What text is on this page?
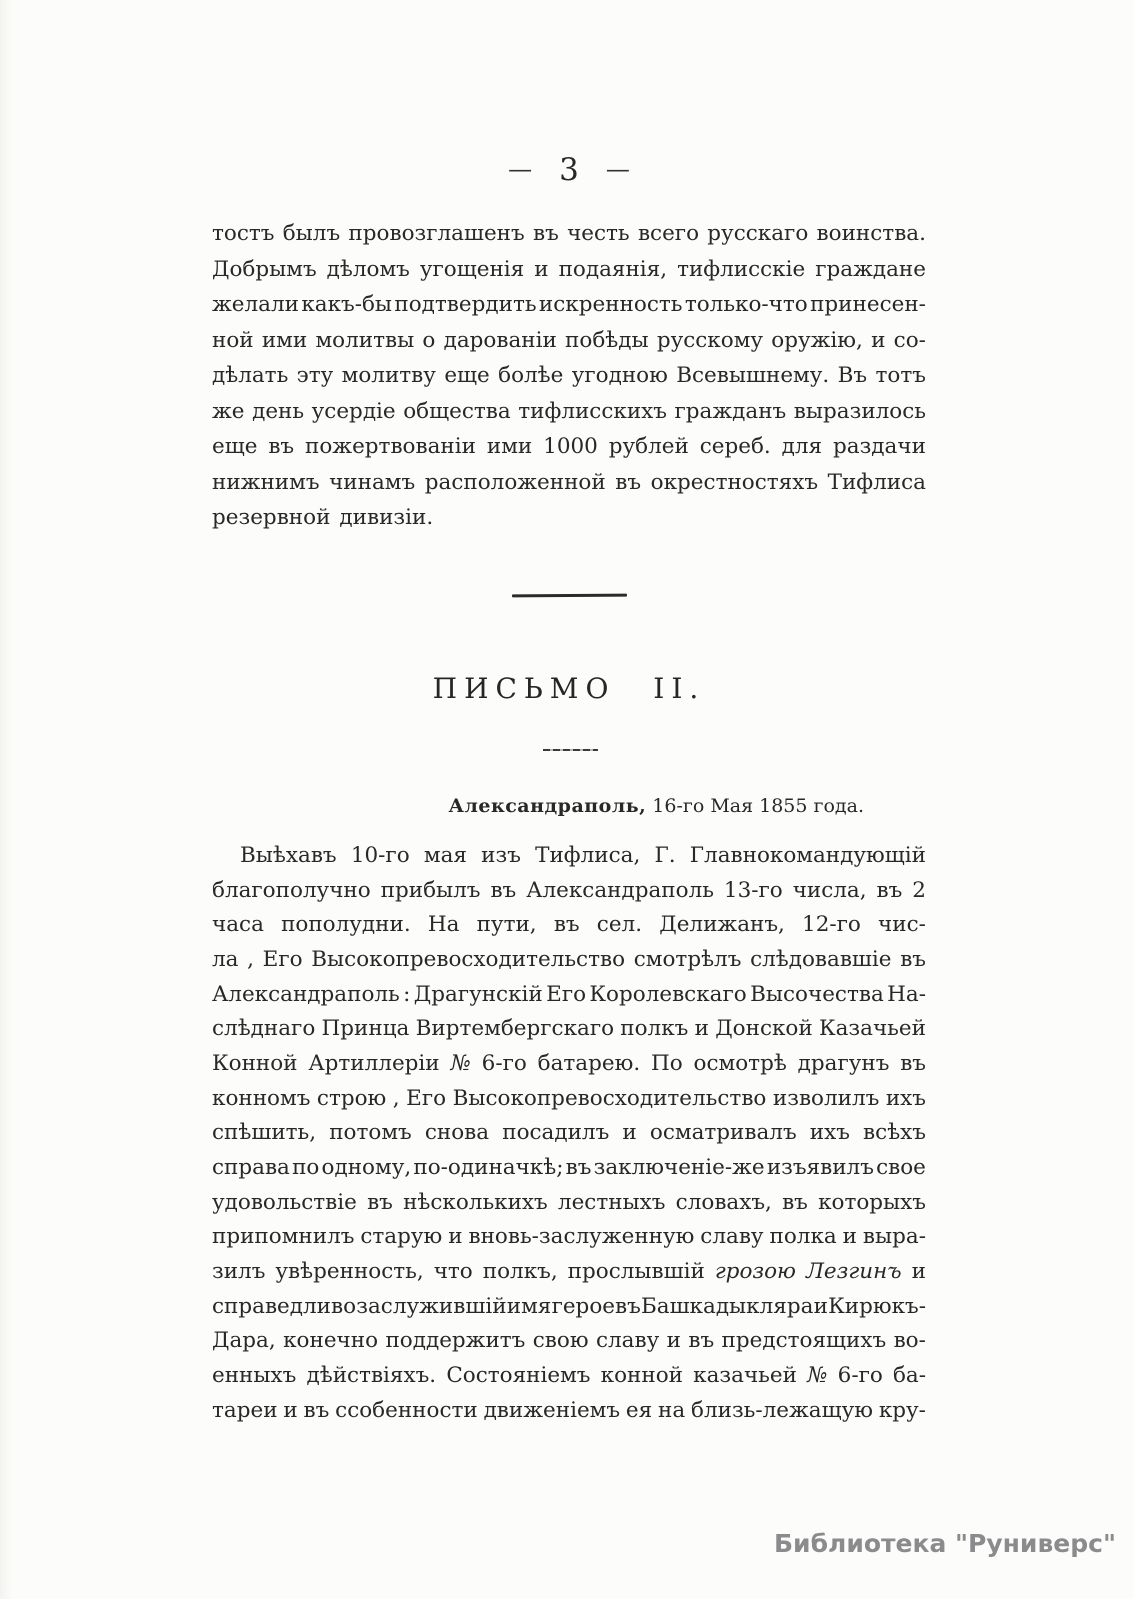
— 3 —
тостъ былъ провозглашенъ въ честь всего русскаго воинства.
Добрымъ дѣломъ угощенія и подаянія, тифлисскіе граждане
желали какъ-бы подтвердить искренность только-что принесен-
ной ими молитвы о дарованіи побѣды русскому оружію, и со-
дѣлать эту молитву еще болѣе угодною Всевышнему. Въ тотъ
же день усердіе общества тифлисскихъ гражданъ выразилось
еще въ пожертвованіи ими 1000 рублей сереб. для раздачи
нижнимъ чинамъ расположенной въ окрестностяхъ Тифлиса
резервной дивизіи.
ПИСЬМО II.
Александраполь, 16-го Мая 1855 года.
Выѣхавъ 10-го мая изъ Тифлиса, Г. Главнокомандующій
благополучно прибылъ въ Александраполь 13-го числа, въ 2
часа пополудни. На пути, въ сел. Делижанъ, 12-го чис-
ла , Его Высокопревосходительство смотрѣлъ слѣдовавшіе въ
Александраполь : Драгунскій Его Королевскаго Высочества На-
слѣднаго Принца Виртембергскаго полкъ и Донской Казачьей
Конной Артиллеріи № 6-го батарею. По осмотрѣ драгунъ въ
конномъ строю , Его Высокопревосходительство изволилъ ихъ
спѣшить, потомъ снова посадилъ и осматривалъ ихъ всѣхъ
справа по одному, по-одиначкѣ; въ заключеніе-же изъявилъ свое
удовольствіе въ нѣсколькихъ лестныхъ словахъ, въ которыхъ
припомнилъ старую и вновь-заслуженную славу полка и выра-
зилъ увѣренность, что полкъ, прослывшій грозою Лезгинъ и
справедливо заслужившій имя героевъ Башкадыкляра и Кирюкъ-
Дара, конечно поддержитъ свою славу и въ предстоящихъ во-
енныхъ дѣйствіяхъ. Состояніемъ конной казачьей № 6-го ба-
тареи и въ ссобенности движеніемъ ея на близь-лежащую кру-
Библиотека "Руниверс"
